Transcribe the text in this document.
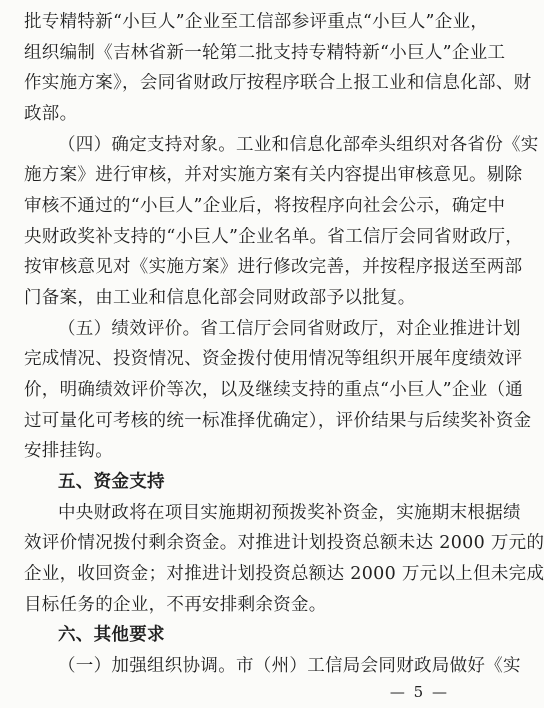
批专精特新“小巨人”企业至工信部参评重点“小巨人”企业，
组织编制《吉林省新一轮第二批支持专精特新“小巨人”企业工
作实施方案》，会同省财政厅按程序联合上报工业和信息化部、财
政部。
（四）确定支持对象。工业和信息化部牵头组织对各省份《实
施方案》进行审核，并对实施方案有关内容提出审核意见。剔除
审核不通过的“小巨人”企业后，将按程序向社会公示，确定中
央财政奖补支持的“小巨人”企业名单。省工信厅会同省财政厅，
按审核意见对《实施方案》进行修改完善，并按程序报送至两部
门备案，由工业和信息化部会同财政部予以批复。
（五）绩效评价。省工信厅会同省财政厅，对企业推进计划
完成情况、投资情况、资金拨付使用情况等组织开展年度绩效评
价，明确绩效评价等次，以及继续支持的重点“小巨人”企业（通
过可量化可考核的统一标准择优确定），评价结果与后续奖补资金
安排挂钩。
五、资金支持
中央财政将在项目实施期初预拨奖补资金，实施期末根据绩
效评价情况拨付剩余资金。对推进计划投资总额未达 2000 万元的
企业，收回资金；对推进计划投资总额达 2000 万元以上但未完成
目标任务的企业，不再安排剩余资金。
六、其他要求
（一）加强组织协调。市（州）工信局会同财政局做好《实
— 5 —
